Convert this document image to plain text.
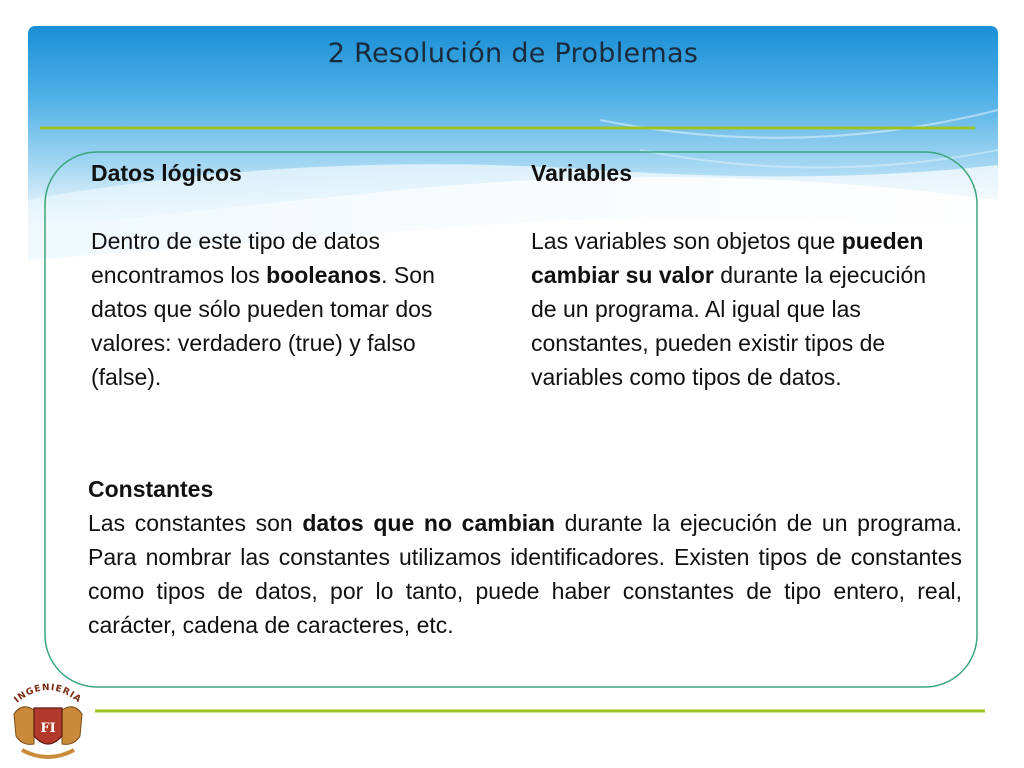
2 Resolución de Problemas
Datos lógicos

Dentro de este tipo de datos encontramos los booleanos. Son datos que sólo pueden tomar dos valores: verdadero (true) y falso (false).

Variables

Las variables son objetos que pueden cambiar su valor durante la ejecución de un programa. Al igual que las constantes, pueden existir tipos de variables como tipos de datos.

Constantes

Las constantes son datos que no cambian durante la ejecución de un programa. Para nombrar las constantes utilizamos identificadores. Existen tipos de constantes como tipos de datos, por lo tanto, puede haber constantes de tipo entero, real, carácter, cadena de caracteres, etc.

INGENIERIA
FI
